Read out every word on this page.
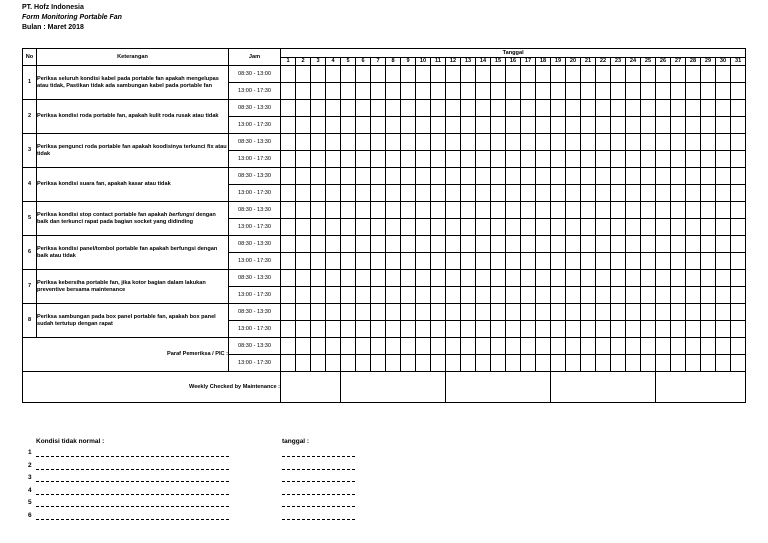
PT. Hofz Indonesia
Form Monitoring Portable Fan
Bulan : Maret 2018
No	Keterangan	Jam	Tanggal																														
			1	2	3	4	5	6	7	8	9	10	11	12	13	14	15	16	17	18	19	20	21	22	23	24	25	26	27	28	29	30	31
1	Periksa seluruh kondisi kabel pada portable fan apakah mengelupas atau tidak, Pastikan tidak ada sambungan kabel pada portable fan	08:30 - 13:00																															
		13:00 - 17:30																															
2	Periksa kondisi roda portable fan, apakah kulit roda rusak atau tidak	08:30 - 13:30																															
		13:00 - 17:30																															
3	Periksa pengunci roda portable fan apakah koodisinya terkunci fix atau tidak	08:30 - 13:30																															
		13:00 - 17:30																															
4	Periksa kondisi suara fan, apakah kasar atau tidak	08:30 - 13:30																															
		13:00 - 17:30																															
5	Periksa kondisi stop contact portable fan apakah berfungsi dengan baik dan terkunci rapat pada bagian socket yang didinding	08:30 - 13:30																															
		13:00 - 17:30																															
6	Periksa kondisi panel/tombol portable fan apakah berfungsi dengan baik atau tidak	08:30 - 13:30																															
		13:00 - 17:30																															
7	Periksa kebersiha portable fan, jika kotor bagian dalam lakukan preventive bersama maintenance	08:30 - 13:30																															
		13:00 - 17:30																															
8	Periksa sambungan pada box panel portable fan, apakah box panel sudah tertutup dengan rapat	08:30 - 13:30																															
		13:00 - 17:30																															
Paraf Pemeriksa / PIC :		08:30 - 13:30																															
		13:00 - 17:30																															
Weekly Checked by Maintenance :																																	
Kondisi tidak normal :	tanggal :
1
2
3
4
5
6
